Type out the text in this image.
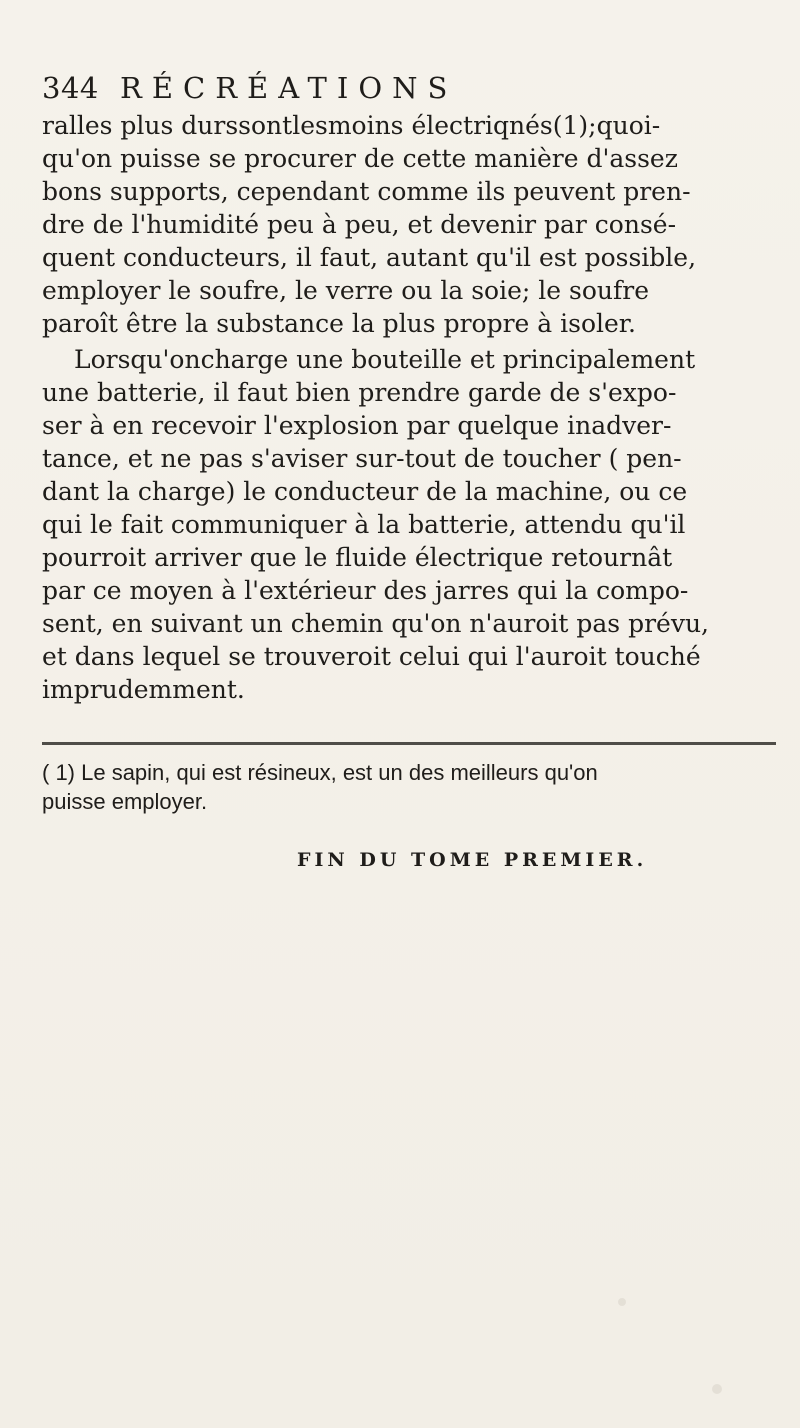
344 RÉCRÉATIONS
ralles plus durssontlesmoins électriqnés(1);quoi-
qu'on puisse se procurer de cette manière d'assez
bons supports, cependant comme ils peuvent pren-
dre de l'humidité peu à peu, et devenir par consé-
quent conducteurs, il faut, autant qu'il est possible,
employer le soufre, le verre ou la soie; le soufre
paroît être la substance la plus propre à isoler.
Lorsqu'oncharge une bouteille et principalement
une batterie, il faut bien prendre garde de s'expo-
ser à en recevoir l'explosion par quelque inadver-
tance, et ne pas s'aviser sur-tout de toucher ( pen-
dant la charge) le conducteur de la machine, ou ce
qui le fait communiquer à la batterie, attendu qu'il
pourroit arriver que le fluide électrique retournât
par ce moyen à l'extérieur des jarres qui la compo-
sent, en suivant un chemin qu'on n'auroit pas prévu,
et dans lequel se trouveroit celui qui l'auroit touché
imprudemment.
( 1) Le sapin, qui est résineux, est un des meilleurs qu'on
puisse employer.
FIN DU TOME PREMIER.
